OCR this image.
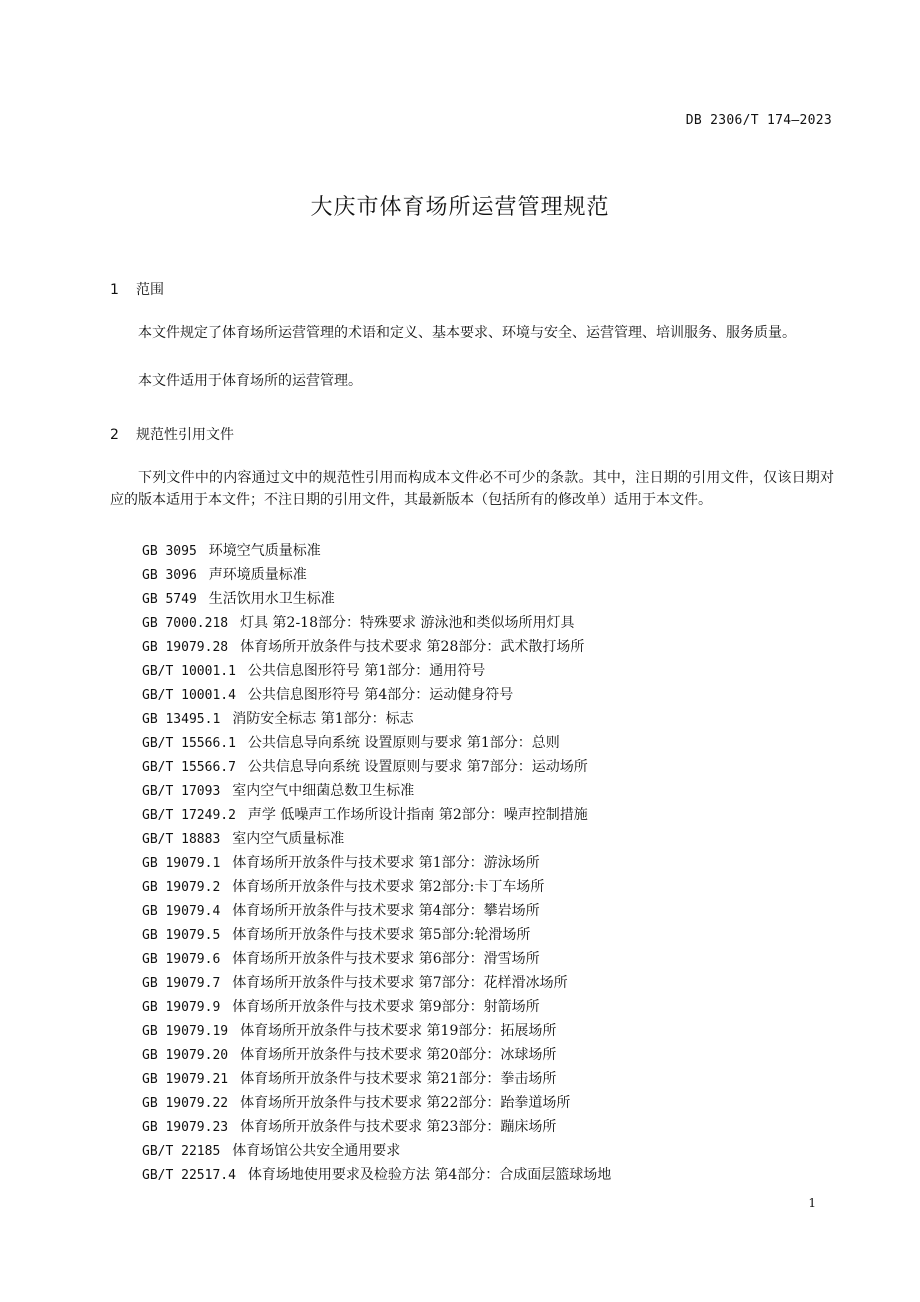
DB 2306/T 174—2023
大庆市体育场所运营管理规范
1 范围

本文件规定了体育场所运营管理的术语和定义、基本要求、环境与安全、运营管理、培训服务、服务质量。

本文件适用于体育场所的运营管理。

2 规范性引用文件

下列文件中的内容通过文中的规范性引用而构成本文件必不可少的条款。其中，注日期的引用文件，仅该日期对应的版本适用于本文件；不注日期的引用文件，其最新版本（包括所有的修改单）适用于本文件。

GB 3095 环境空气质量标准
GB 3096 声环境质量标准
GB 5749 生活饮用水卫生标准
GB 7000.218 灯具 第2-18部分：特殊要求 游泳池和类似场所用灯具
GB 19079.28 体育场所开放条件与技术要求 第28部分：武术散打场所
GB/T 10001.1 公共信息图形符号 第1部分：通用符号
GB/T 10001.4 公共信息图形符号 第4部分：运动健身符号
GB 13495.1 消防安全标志 第1部分：标志
GB/T 15566.1 公共信息导向系统 设置原则与要求 第1部分：总则
GB/T 15566.7 公共信息导向系统 设置原则与要求 第7部分：运动场所
GB/T 17093 室内空气中细菌总数卫生标准
GB/T 17249.2 声学 低噪声工作场所设计指南 第2部分：噪声控制措施
GB/T 18883 室内空气质量标准
GB 19079.1 体育场所开放条件与技术要求 第1部分：游泳场所
GB 19079.2 体育场所开放条件与技术要求 第2部分:卡丁车场所
GB 19079.4 体育场所开放条件与技术要求 第4部分：攀岩场所
GB 19079.5 体育场所开放条件与技术要求 第5部分:轮滑场所
GB 19079.6 体育场所开放条件与技术要求 第6部分：滑雪场所
GB 19079.7 体育场所开放条件与技术要求 第7部分：花样滑冰场所
GB 19079.9 体育场所开放条件与技术要求 第9部分：射箭场所
GB 19079.19 体育场所开放条件与技术要求 第19部分：拓展场所
GB 19079.20 体育场所开放条件与技术要求 第20部分：冰球场所
GB 19079.21 体育场所开放条件与技术要求 第21部分：拳击场所
GB 19079.22 体育场所开放条件与技术要求 第22部分：跆拳道场所
GB 19079.23 体育场所开放条件与技术要求 第23部分：蹦床场所
GB/T 22185 体育场馆公共安全通用要求
GB/T 22517.4 体育场地使用要求及检验方法 第4部分：合成面层篮球场地
1
